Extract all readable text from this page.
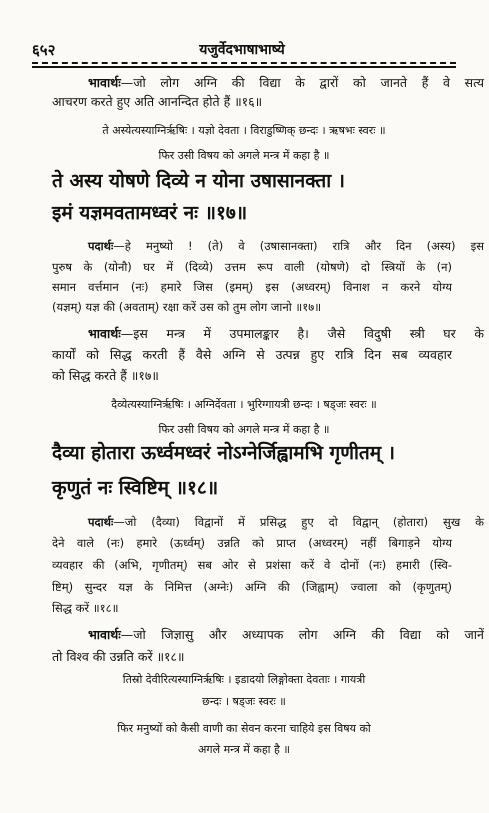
६५२	यजुर्वेदभाषाभाष्ये
भावार्थः—जो लोग अग्नि की विद्या के द्वारों को जानते हैं वे सत्य
आचरण करते हुए अति आनन्दित होते हैं ॥१६॥
ते अस्येत्यस्याग्निर्ऋषिः । यज्ञो देवता । विराडुष्णिक् छन्दः । ऋषभः स्वरः ॥
फिर उसी विषय को अगले मन्त्र में कहा है ॥
ते अस्य योषणे दिव्ये न योना उषासानक्ता ।
इमं यज्ञमवतामध्वरं नः ॥१७॥
पदार्थः—हे मनुष्यो ! (ते) वे (उषासानक्ता) रात्रि और दिन (अस्य) इस
पुरुष के (योनौ) घर में (दिव्ये) उत्तम रूप वाली (योषणे) दो स्त्रियों के (न)
समान वर्त्तमान (नः) हमारे जिस (इमम्) इस (अध्वरम्) विनाश न करने योग्य
(यज्ञम्) यज्ञ की (अवताम्) रक्षा करें उस को तुम लोग जानो ॥१७॥
भावार्थः—इस मन्त्र में उपमालङ्कार है। जैसे विदुषी स्त्री घर के
कार्यों को सिद्ध करती हैं वैसे अग्नि से उत्पन्न हुए रात्रि दिन सब व्यवहार
को सिद्ध करते हैं ॥१७॥
दैव्येत्यस्याग्निर्ऋषिः । अग्निर्देवता । भुरिग्गायत्री छन्दः । षड्जः स्वरः ॥
फिर उसी विषय को अगले मन्त्र में कहा है ॥
दैव्या होतारा ऊर्ध्वमध्वरं नोऽग्नेर्जिह्वामभि गृणीतम् ।
कृणुतं नः स्विष्टिम् ॥१८॥
पदार्थः—जो (दैव्या) विद्वानों में प्रसिद्ध हुए दो विद्वान् (होतारा) सुख के
देने वाले (नः) हमारे (ऊर्ध्वम्) उन्नति को प्राप्त (अध्वरम्) नहीं बिगाड़ने योग्य
व्यवहार की (अभि, गृणीतम्) सब ओर से प्रशंसा करें वे दोनों (नः) हमारी (स्वि-
ष्टिम्) सुन्दर यज्ञ के निमित्त (अग्नेः) अग्नि की (जिह्वाम्) ज्वाला को (कृणुतम्)
सिद्ध करें ॥१८॥
भावार्थः—जो जिज्ञासु और अध्यापक लोग अग्नि की विद्या को जानें
तो विश्व की उन्नति करें ॥१८॥
तिस्रो देवीरित्यस्याग्निर्ऋषिः । इडादयो लिङ्गोक्ता देवताः । गायत्री
छन्दः । षड्जः स्वरः ॥
फिर मनुष्यों को कैसी वाणी का सेवन करना चाहिये इस विषय को
अगले मन्त्र में कहा है ॥
